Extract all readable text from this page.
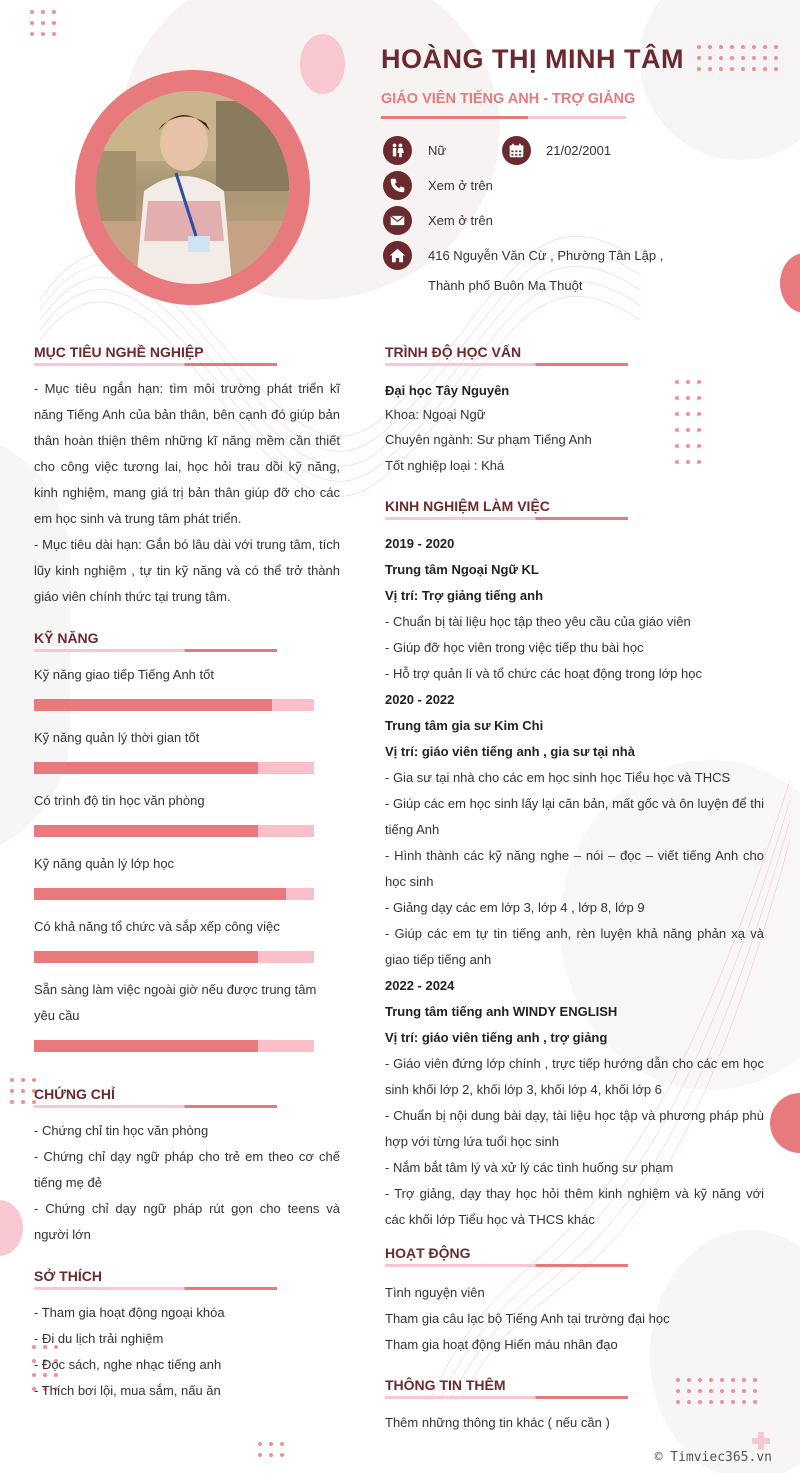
HOÀNG THỊ MINH TÂM
GIÁO VIÊN TIẾNG ANH - TRỢ GIẢNG
Nữ	21/02/2001
Xem ở trên
Xem ở trên
416 Nguyễn Văn Cừ , Phường Tân Lập ,
Thành phố Buôn Ma Thuột
MỤC TIÊU NGHỀ NGHIỆP

- Mục tiêu ngắn hạn: tìm môi trường phát triển kĩ năng Tiếng Anh của bản thân, bên cạnh đó giúp bản thân hoàn thiện thêm những kĩ năng mềm cần thiết cho công việc tương lai, học hỏi trau dồi kỹ năng, kinh nghiệm, mang giá trị bản thân giúp đỡ cho các em học sinh và trung tâm phát triển.

- Mục tiêu dài hạn: Gắn bó lâu dài với trung tâm, tích lũy kinh nghiệm , tự tin kỹ năng và có thể trở thành giáo viên chính thức tại trung tâm.

KỸ NĂNG
Kỹ năng giao tiếp Tiếng Anh tốt
Kỹ năng quản lý thời gian tốt
Có trình độ tin học văn phòng
Kỹ năng quản lý lớp học
Có khả năng tổ chức và sắp xếp công việc
Sẵn sàng làm việc ngoài giờ nếu được trung tâm yêu cầu
CHỨNG CHỈ

- Chứng chỉ tin học văn phòng

- Chứng chỉ dạy ngữ pháp cho trẻ em theo cơ chế tiếng mẹ đẻ

- Chứng chỉ dạy ngữ pháp rút gọn cho teens và người lớn

SỞ THÍCH

- Tham gia hoạt động ngoại khóa

- Đi du lịch trải nghiệm

- Đọc sách, nghe nhạc tiếng anh

- Thích bơi lội, mua sắm, nấu ăn

TRÌNH ĐỘ HỌC VẤN
Đại học Tây Nguyên
Khoa: Ngoại Ngữ
Chuyên ngành: Sư phạm Tiếng Anh
Tốt nghiệp loại : Khá
KINH NGHIỆM LÀM VIỆC

2019 - 2020

Trung tâm Ngoại Ngữ KL

Vị trí: Trợ giảng tiếng anh

- Chuẩn bị tài liệu học tập theo yêu cầu của giáo viên

- Giúp đỡ học viên trong việc tiếp thu bài học

- Hỗ trợ quản lí và tổ chức các hoạt động trong lớp học

2020 - 2022

Trung tâm gia sư Kim Chi

Vị trí: giáo viên tiếng anh , gia sư tại nhà

- Gia sư tại nhà cho các em học sinh học Tiểu học và THCS

- Giúp các em học sinh lấy lại căn bản, mất gốc và ôn luyện để thi tiếng Anh

- Hình thành các kỹ năng nghe – nói – đọc – viết tiếng Anh cho học sinh

- Giảng dạy các em lớp 3, lớp 4 , lớp 8, lớp 9

- Giúp các em tự tin tiếng anh, rèn luyện khả năng phản xạ và giao tiếp tiếng anh

2022 - 2024

Trung tâm tiếng anh WINDY ENGLISH

Vị trí: giáo viên tiếng anh , trợ giảng

- Giáo viên đứng lớp chính , trực tiếp hướng dẫn cho các em học sinh khối lớp 2, khối lớp 3, khối lớp 4, khối lớp 6

- Chuẩn bị nội dung bài dạy, tài liệu học tập và phương pháp phù hợp với từng lứa tuổi học sinh

- Nắm bắt tâm lý và xử lý các tình huống sư phạm

- Trợ giảng, dạy thay học hỏi thêm kinh nghiệm và kỹ năng với các khối lớp Tiểu học và THCS khác

HOẠT ĐỘNG
Tình nguyện viên
Tham gia câu lạc bộ Tiếng Anh tại trường đại học
Tham gia hoạt động Hiến máu nhân đạo
THÔNG TIN THÊM
Thêm những thông tin khác ( nếu cần )
© Timviec365.vn
